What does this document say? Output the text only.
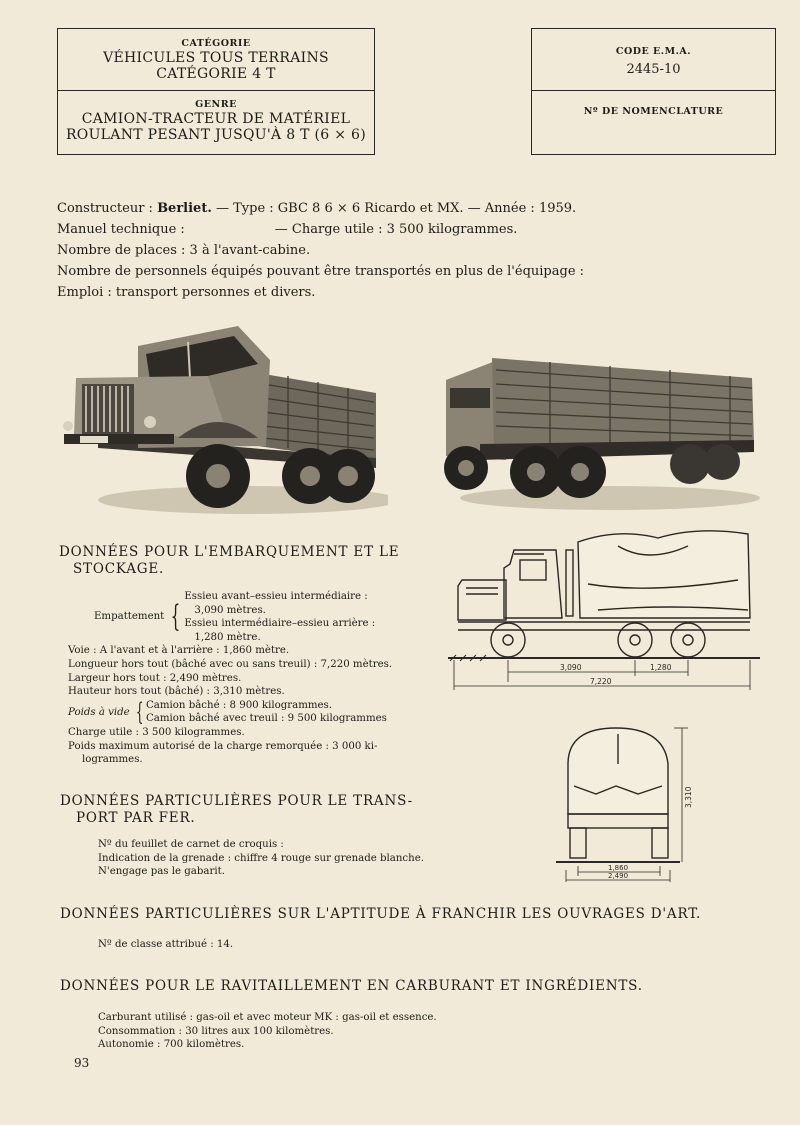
CATÉGORIE
VÉHICULES TOUS TERRAINS
CATÉGORIE 4 T
GENRE
CAMION-TRACTEUR DE MATÉRIEL
ROULANT PESANT JUSQU'À 8 T (6 × 6)
CODE E.M.A.
2445-10
Nº DE NOMENCLATURE
Constructeur : Berliet. — Type : GBC 8 6 × 6 Ricardo et MX. — Année : 1959.
Manuel technique :	— Charge utile : 3 500 kilogrammes.
Nombre de places : 3 à l'avant-cabine.
Nombre de personnels équipés pouvant être transportés en plus de l'équipage :
Emploi : transport personnes et divers.
DONNÉES POUR L'EMBARQUEMENT ET LE
STOCKAGE.
Empattement {
Essieu avant–essieu intermédiaire :
3,090 mètres.
Essieu intermédiaire–essieu arrière :
1,280 mètre.
Voie : A l'avant et à l'arrière : 1,860 mètre.
Longueur hors tout (bâché avec ou sans treuil) : 7,220 mètres.
Largeur hors tout : 2,490 mètres.
Hauteur hors tout (bâché) : 3,310 mètres.
Poids à vide { Camion bâché : 8 900 kilogrammes.
Camion bâché avec treuil : 9 500 kilogrammes
Charge utile : 3 500 kilogrammes.
Poids maximum autorisé de la charge remorquée : 3 000 ki-
logrammes.
3,090	1,280
7,220
3,310
1,860
2,490
DONNÉES PARTICULIÈRES POUR LE TRANS-
PORT PAR FER.
Nº du feuillet de carnet de croquis :
Indication de la grenade : chiffre 4 rouge sur grenade blanche.
N'engage pas le gabarit.
DONNÉES PARTICULIÈRES SUR L'APTITUDE À FRANCHIR LES OUVRAGES D'ART.
Nº de classe attribué : 14.
DONNÉES POUR LE RAVITAILLEMENT EN CARBURANT ET INGRÉDIENTS.
Carburant utilisé : gas-oil et avec moteur MK : gas-oil et essence.
Consommation : 30 litres aux 100 kilomètres.
Autonomie : 700 kilomètres.
93
